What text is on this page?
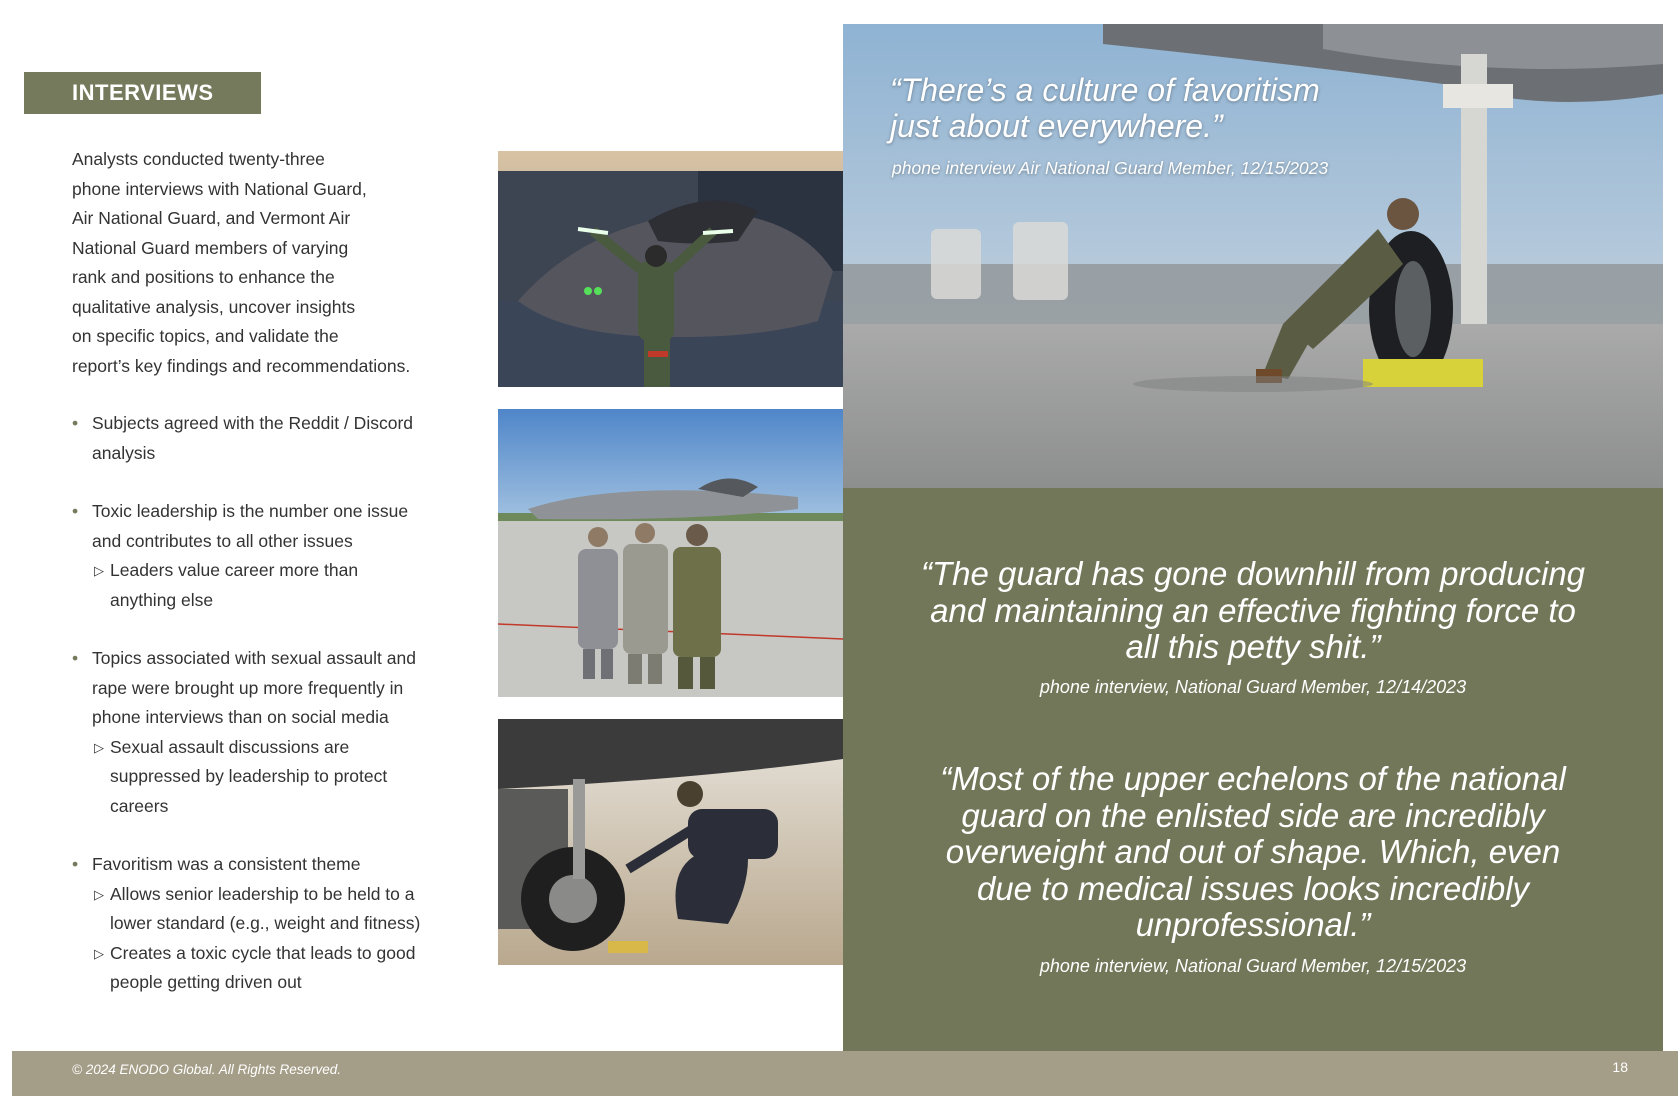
INTERVIEWS

Analysts conducted twenty-three
phone interviews with National Guard,
Air National Guard, and Vermont Air
National Guard members of varying
rank and positions to enhance the
qualitative analysis, uncover insights
on specific topics, and validate the
report’s key findings and recommendations.

• Subjects agreed with the Reddit / Discord
analysis
• Toxic leadership is the number one issue
and contributes to all other issues
▷ Leaders value career more than
anything else
• Topics associated with sexual assault and
rape were brought up more frequently in
phone interviews than on social media
▷ Sexual assault discussions are
suppressed by leadership to protect
careers
• Favoritism was a consistent theme
▷ Allows senior leadership to be held to a
lower standard (e.g., weight and fitness)
▷ Creates a toxic cycle that leads to good
people getting driven out

“There’s a culture of favoritism
just about everywhere.”

phone interview Air National Guard Member, 12/15/2023

“The guard has gone downhill from producing
and maintaining an effective fighting force to
all this petty shit.”

phone interview, National Guard Member, 12/14/2023

“Most of the upper echelons of the national
guard on the enlisted side are incredibly
overweight and out of shape. Which, even
due to medical issues looks incredibly
unprofessional.”

phone interview, National Guard Member, 12/15/2023

© 2024 ENODO Global. All Rights Reserved.	18
